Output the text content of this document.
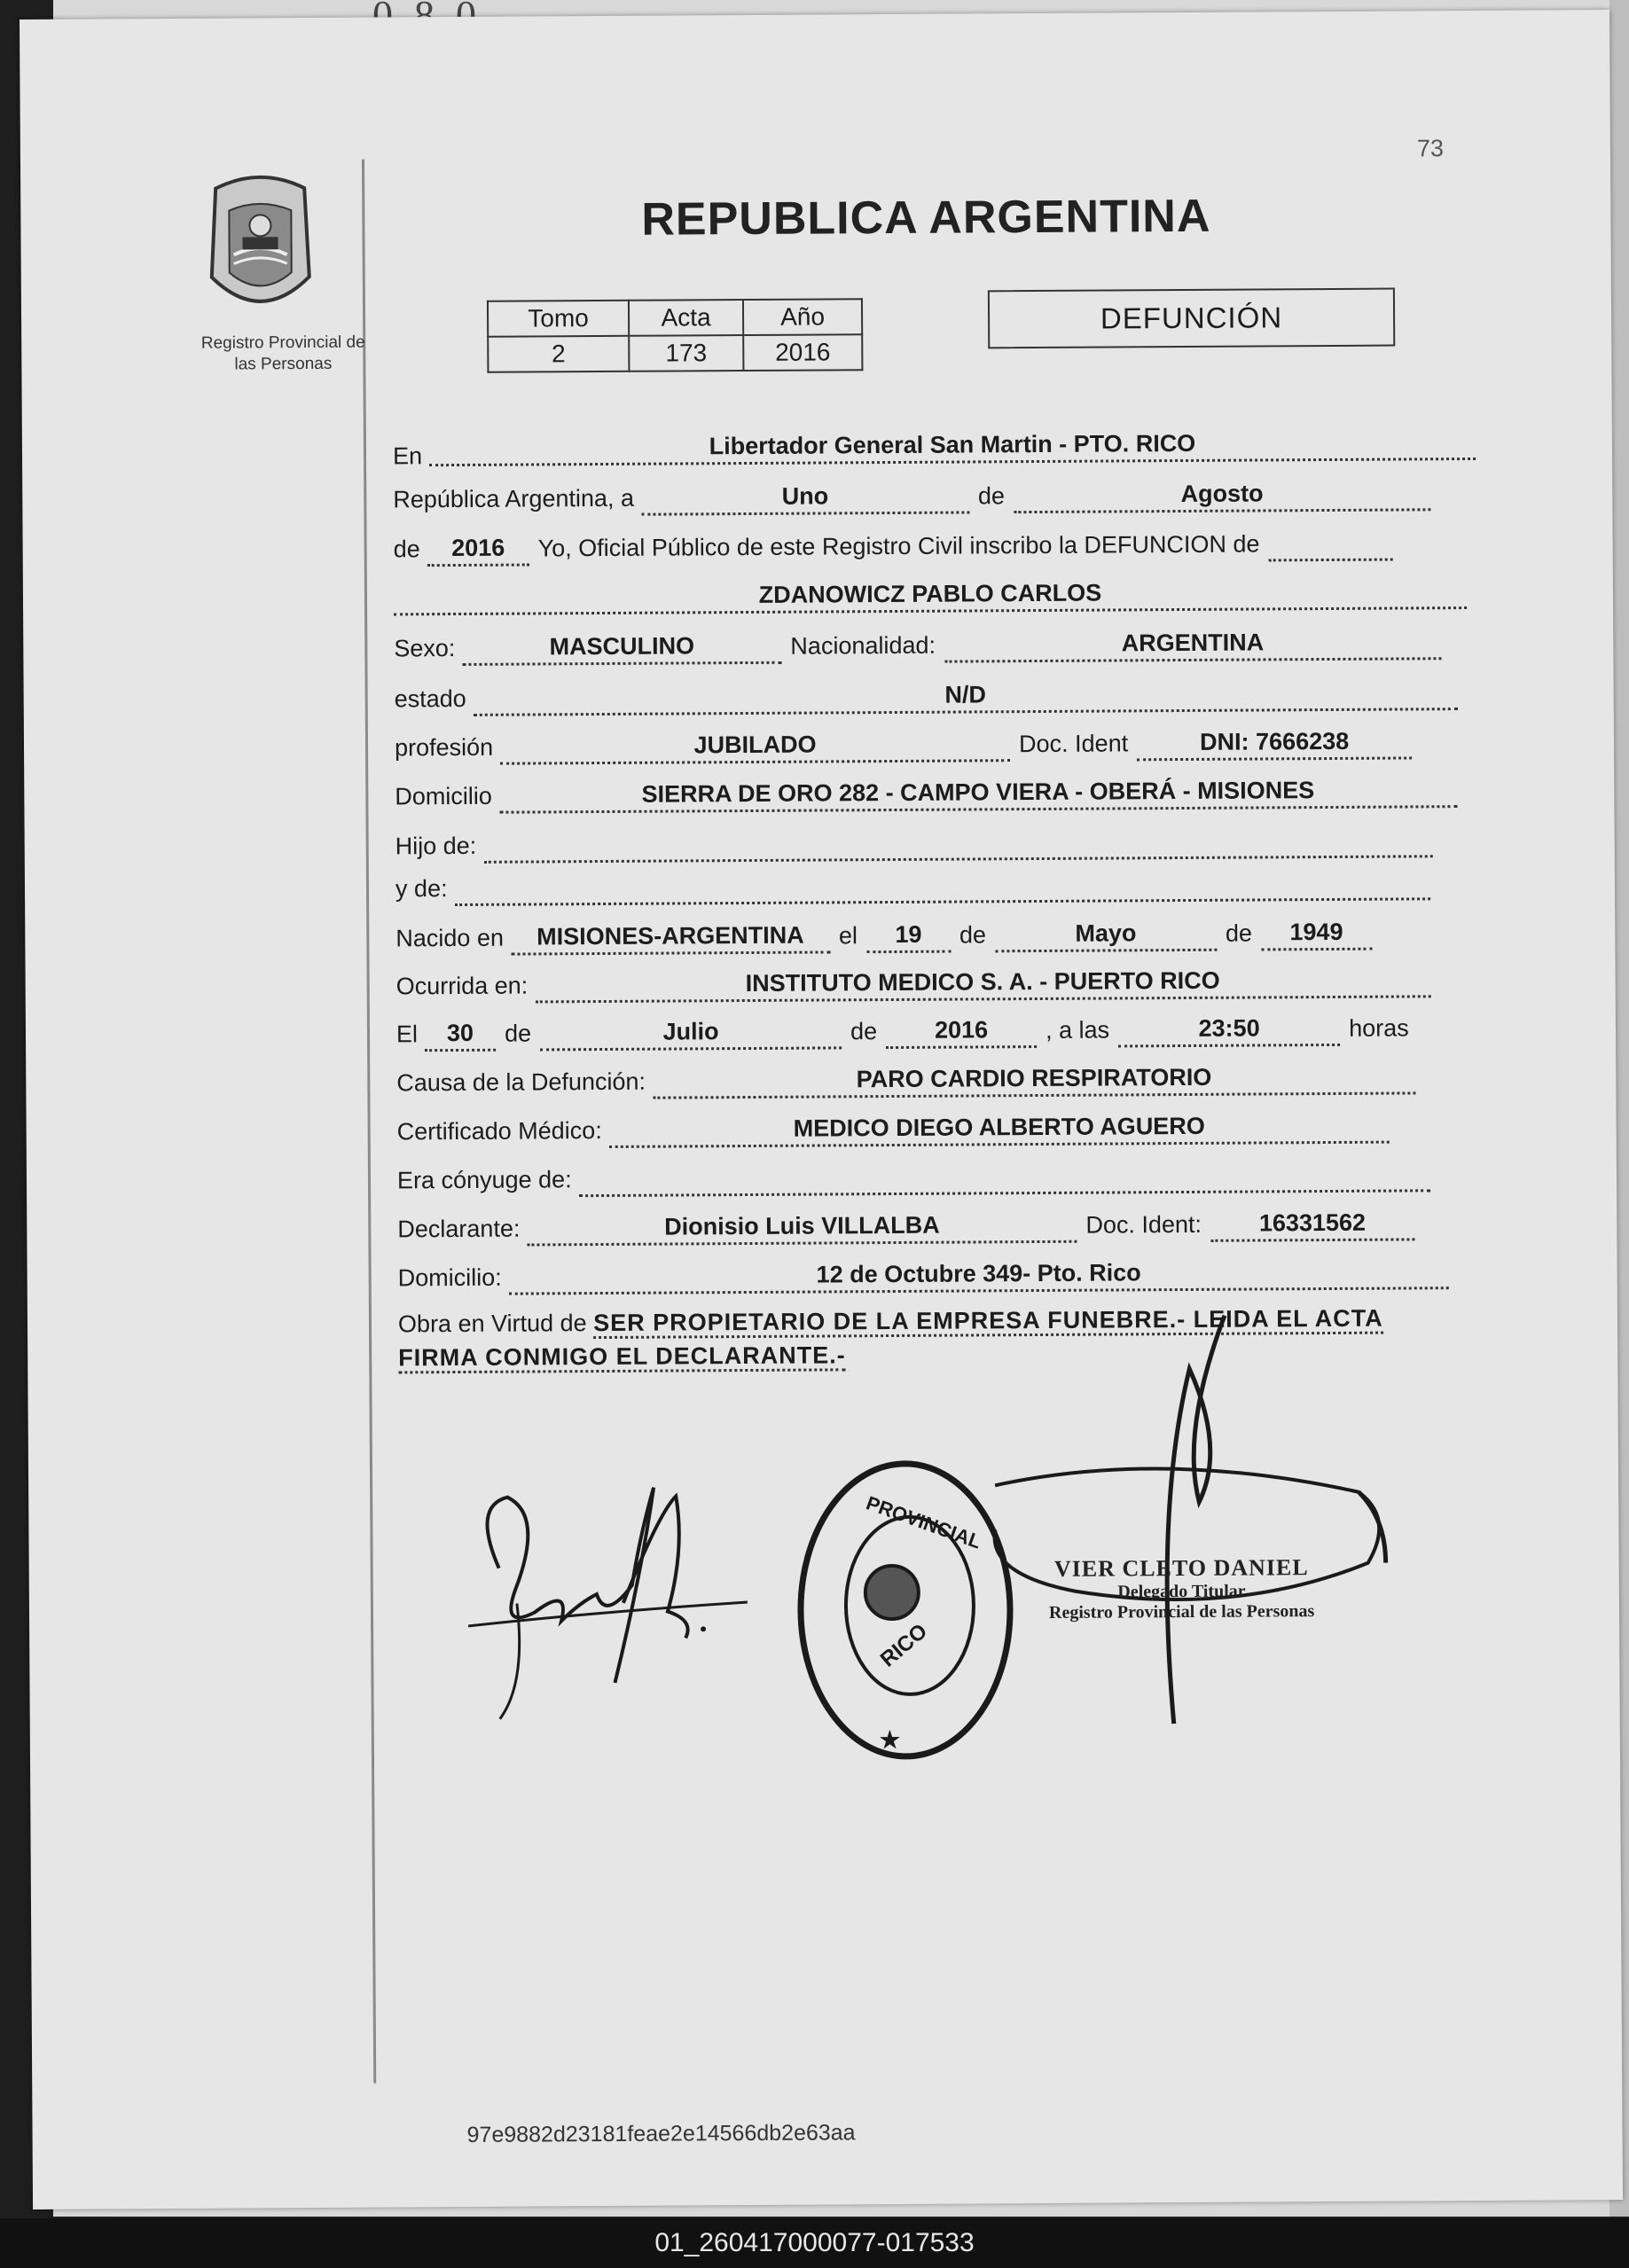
73
Registro Provincial de
las Personas
REPUBLICA ARGENTINA
Tomo	Acta	Año
2	173	2016
DEFUNCIÓN
En	Libertador General San Martin - PTO. RICO
República Argentina, a	Uno	de	Agosto
de	2016	Yo, Oficial Público de este Registro Civil inscribo la DEFUNCION de
ZDANOWICZ PABLO CARLOS
Sexo:	MASCULINO	Nacionalidad:	ARGENTINA
estado	N/D
profesión	JUBILADO	Doc. Ident	DNI: 7666238
Domicilio	SIERRA DE ORO 282 - CAMPO VIERA - OBERÁ - MISIONES
Hijo de:
y de:
Nacido en	MISIONES-ARGENTINA	el	19	de	Mayo	de	1949
Ocurrida en:	INSTITUTO MEDICO S. A. - PUERTO RICO
El	30	de	Julio	de	2016	, a las	23:50	horas
Causa de la Defunción:	PARO CARDIO RESPIRATORIO
Certificado Médico:	MEDICO DIEGO ALBERTO AGUERO
Era cónyuge de:
Declarante:	Dionisio Luis VILLALBA	Doc. Ident:	16331562
Domicilio:	12 de Octubre 349- Pto. Rico
Obra en Virtud de SER PROPIETARIO DE LA EMPRESA FUNEBRE.- LEIDA EL ACTA
FIRMA CONMIGO EL DECLARANTE.-
PROVINCIAL
RICO
★
VIER CLETO DANIEL
Delegado Titular
Registro Provincial de las Personas
97e9882d23181feae2e14566db2e63aa
01_260417000077-017533
